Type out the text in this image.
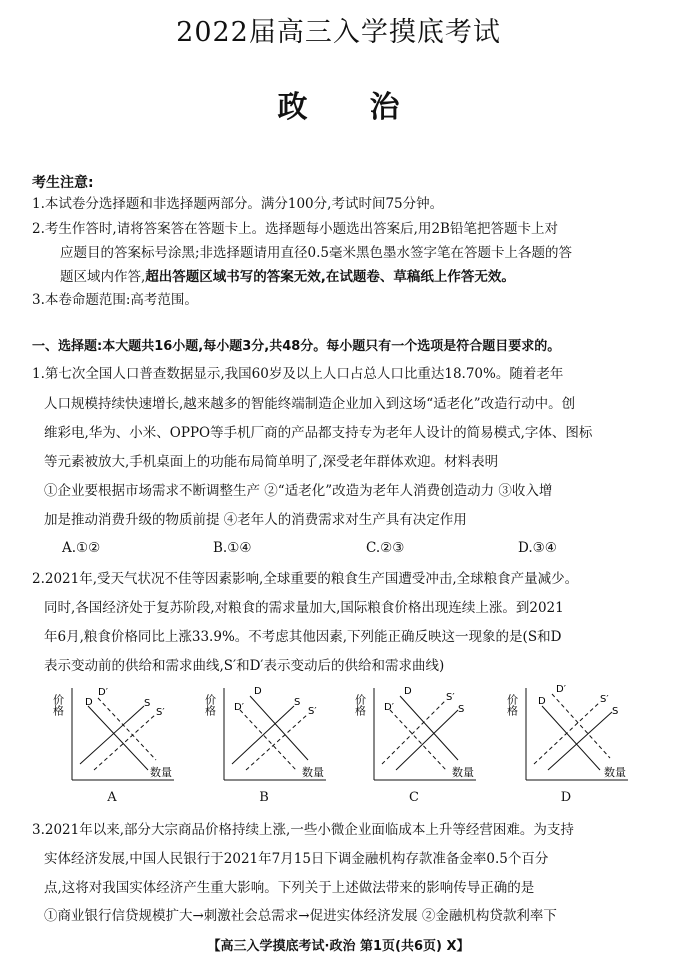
2022届高三入学摸底考试
政治
考生注意:
1.本试卷分选择题和非选择题两部分。满分100分,考试时间75分钟。
2.考生作答时,请将答案答在答题卡上。选择题每小题选出答案后,用2B铅笔把答题卡上对
应题目的答案标号涂黑;非选择题请用直径0.5毫米黑色墨水签字笔在答题卡上各题的答
题区域内作答,超出答题区域书写的答案无效,在试题卷、草稿纸上作答无效。
3.本卷命题范围:高考范围。
一、选择题:本大题共16小题,每小题3分,共48分。每小题只有一个选项是符合题目要求的。
1.第七次全国人口普查数据显示,我国60岁及以上人口占总人口比重达18.70%。随着老年
人口规模持续快速增长,越来越多的智能终端制造企业加入到这场“适老化”改造行动中。创
维彩电,华为、小米、OPPO等手机厂商的产品都支持专为老年人设计的简易模式,字体、图标
等元素被放大,手机桌面上的功能布局简单明了,深受老年群体欢迎。材料表明
①企业要根据市场需求不断调整生产 ②“适老化”改造为老年人消费创造动力 ③收入增
加是推动消费升级的物质前提 ④老年人的消费需求对生产具有决定作用
A.①②	B.①④	C.②③	D.③④
2.2021年,受天气状况不佳等因素影响,全球重要的粮食生产国遭受冲击,全球粮食产量减少。
同时,各国经济处于复苏阶段,对粮食的需求量加大,国际粮食价格出现连续上涨。到2021
年6月,粮食价格同比上涨33.9%。不考虑其他因素,下列能正确反映这一现象的是(S和D
表示变动前的供给和需求曲线,S′和D′表示变动后的供给和需求曲线)
价格
数量
D′
D	S
S′
A
价格
数量
D
D′	S
S′
B
价格
数量
D
D′
S′
S
C
价格
数量
D′
D	S′
S
D
3.2021年以来,部分大宗商品价格持续上涨,一些小微企业面临成本上升等经营困难。为支持
实体经济发展,中国人民银行于2021年7月15日下调金融机构存款准备金率0.5个百分
点,这将对我国实体经济产生重大影响。下列关于上述做法带来的影响传导正确的是
①商业银行信贷规模扩大→刺激社会总需求→促进实体经济发展 ②金融机构贷款利率下
【高三入学摸底考试·政治 第1页(共6页) X】
